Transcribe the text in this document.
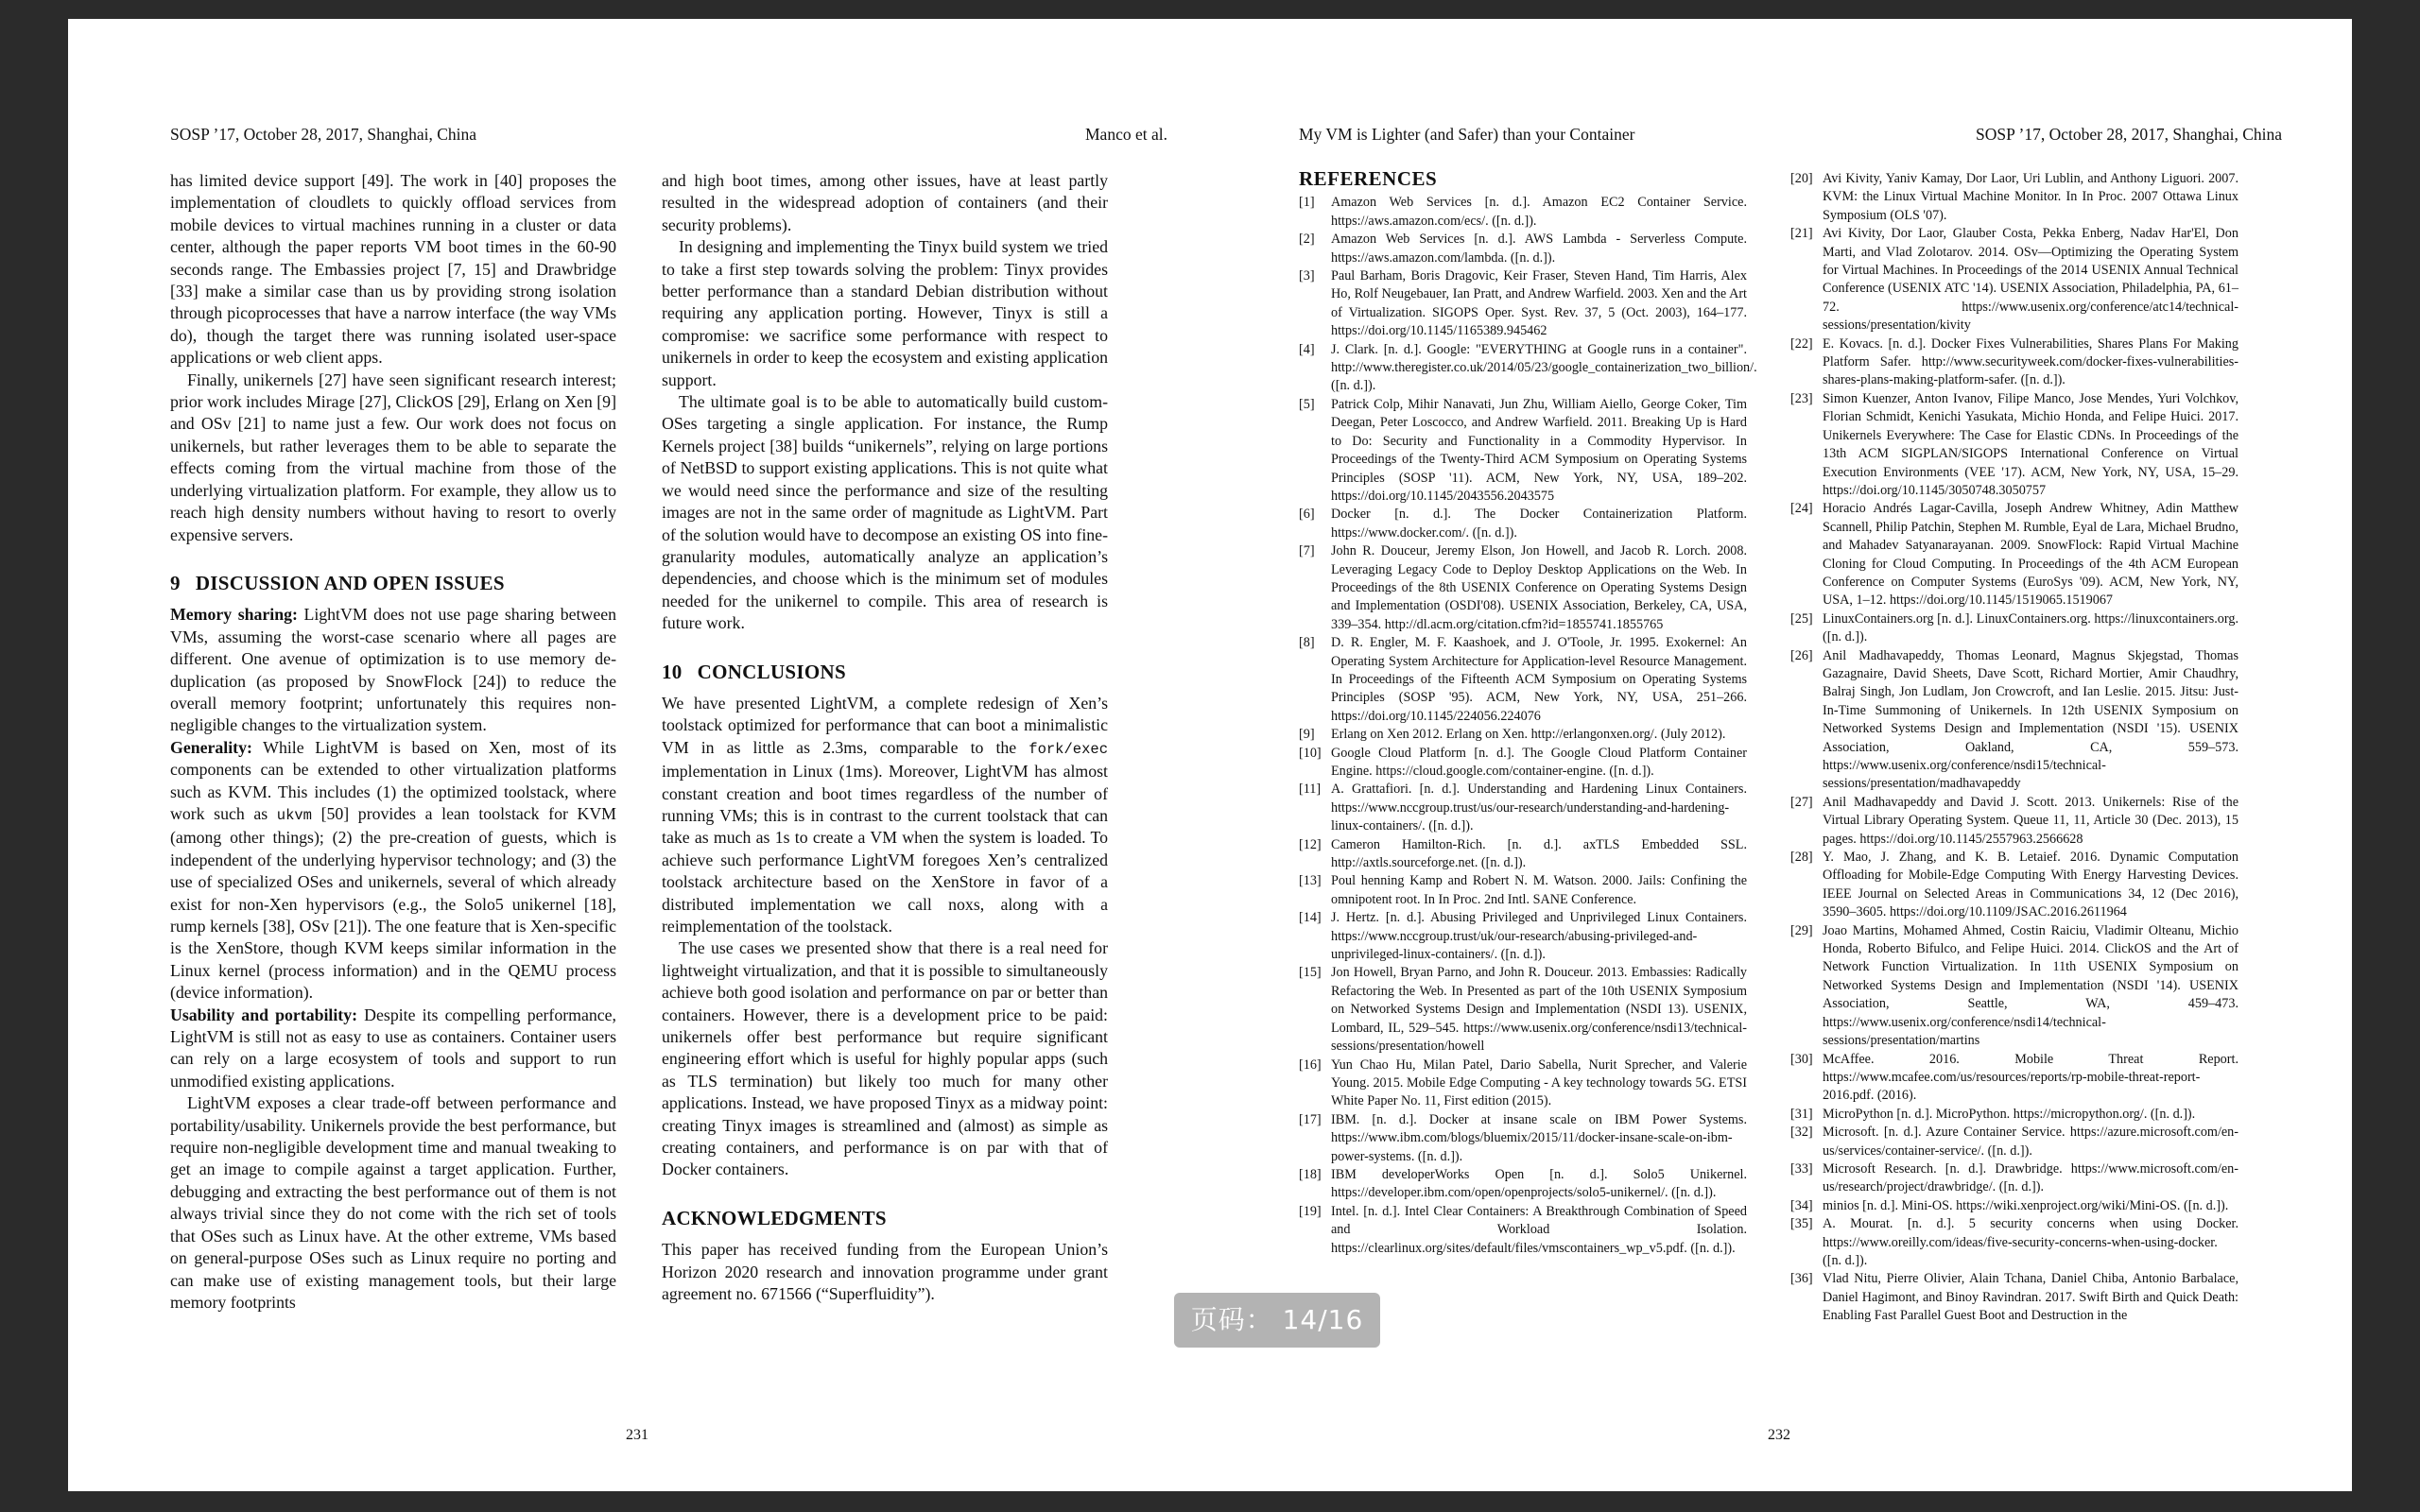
SOSP ’17, October 28, 2017, Shanghai, China	Manco et al.

has limited device support [49]. The work in [40] proposes the implementation of cloudlets to quickly offload services from mobile devices to virtual machines running in a cluster or data center, although the paper reports VM boot times in the 60-90 seconds range. The Embassies project [7, 15] and Drawbridge [33] make a similar case than us by providing strong isolation through picoprocesses that have a narrow interface (the way VMs do), though the target there was running isolated user-space applications or web client apps.

Finally, unikernels [27] have seen significant research interest; prior work includes Mirage [27], ClickOS [29], Erlang on Xen [9] and OSv [21] to name just a few. Our work does not focus on unikernels, but rather leverages them to be able to separate the effects coming from the virtual machine from those of the underlying virtualization platform. For example, they allow us to reach high density numbers without having to resort to overly expensive servers.

9 DISCUSSION AND OPEN ISSUES

Memory sharing: LightVM does not use page sharing between VMs, assuming the worst-case scenario where all pages are different. One avenue of optimization is to use memory de-duplication (as proposed by SnowFlock [24]) to reduce the overall memory footprint; unfortunately this requires non-negligible changes to the virtualization system.

Generality: While LightVM is based on Xen, most of its components can be extended to other virtualization platforms such as KVM. This includes (1) the optimized toolstack, where work such as ukvm [50] provides a lean toolstack for KVM (among other things); (2) the pre-creation of guests, which is independent of the underlying hypervisor technology; and (3) the use of specialized OSes and unikernels, several of which already exist for non-Xen hypervisors (e.g., the Solo5 unikernel [18], rump kernels [38], OSv [21]). The one feature that is Xen-specific is the XenStore, though KVM keeps similar information in the Linux kernel (process information) and in the QEMU process (device information).

Usability and portability: Despite its compelling performance, LightVM is still not as easy to use as containers. Container users can rely on a large ecosystem of tools and support to run unmodified existing applications.

LightVM exposes a clear trade-off between performance and portability/usability. Unikernels provide the best performance, but require non-negligible development time and manual tweaking to get an image to compile against a target application. Further, debugging and extracting the best performance out of them is not always trivial since they do not come with the rich set of tools that OSes such as Linux have. At the other extreme, VMs based on general-purpose OSes such as Linux require no porting and can make use of existing management tools, but their large memory footprints

and high boot times, among other issues, have at least partly resulted in the widespread adoption of containers (and their security problems).

In designing and implementing the Tinyx build system we tried to take a first step towards solving the problem: Tinyx provides better performance than a standard Debian distribution without requiring any application porting. However, Tinyx is still a compromise: we sacrifice some performance with respect to unikernels in order to keep the ecosystem and existing application support.

The ultimate goal is to be able to automatically build custom-OSes targeting a single application. For instance, the Rump Kernels project [38] builds “unikernels”, relying on large portions of NetBSD to support existing applications. This is not quite what we would need since the performance and size of the resulting images are not in the same order of magnitude as LightVM. Part of the solution would have to decompose an existing OS into fine-granularity modules, automatically analyze an application’s dependencies, and choose which is the minimum set of modules needed for the unikernel to compile. This area of research is future work.

10 CONCLUSIONS

We have presented LightVM, a complete redesign of Xen’s toolstack optimized for performance that can boot a minimalistic VM in as little as 2.3ms, comparable to the fork/exec implementation in Linux (1ms). Moreover, LightVM has almost constant creation and boot times regardless of the number of running VMs; this is in contrast to the current toolstack that can take as much as 1s to create a VM when the system is loaded. To achieve such performance LightVM foregoes Xen’s centralized toolstack architecture based on the XenStore in favor of a distributed implementation we call noxs, along with a reimplementation of the toolstack.

The use cases we presented show that there is a real need for lightweight virtualization, and that it is possible to simultaneously achieve both good isolation and performance on par or better than containers. However, there is a development price to be paid: unikernels offer best performance but require significant engineering effort which is useful for highly popular apps (such as TLS termination) but likely too much for many other applications. Instead, we have proposed Tinyx as a midway point: creating Tinyx images is streamlined and (almost) as simple as creating containers, and performance is on par with that of Docker containers.

ACKNOWLEDGMENTS

This paper has received funding from the European Union’s Horizon 2020 research and innovation programme under grant agreement no. 671566 (“Superfluidity”).

231
My VM is Lighter (and Safer) than your Container	SOSP ’17, October 28, 2017, Shanghai, China
REFERENCES
[1] Amazon Web Services [n. d.]. Amazon EC2 Container Service. https://aws.amazon.com/ecs/. ([n. d.]).
[2] Amazon Web Services [n. d.]. AWS Lambda - Serverless Compute. https://aws.amazon.com/lambda. ([n. d.]).
[3] Paul Barham, Boris Dragovic, Keir Fraser, Steven Hand, Tim Harris, Alex Ho, Rolf Neugebauer, Ian Pratt, and Andrew Warfield. 2003. Xen and the Art of Virtualization. SIGOPS Oper. Syst. Rev. 37, 5 (Oct. 2003), 164–177. https://doi.org/10.1145/1165389.945462
[4] J. Clark. [n. d.]. Google: "EVERYTHING at Google runs in a container". http://www.theregister.co.uk/2014/05/23/google_containerization_two_billion/. ([n. d.]).
[5] Patrick Colp, Mihir Nanavati, Jun Zhu, William Aiello, George Coker, Tim Deegan, Peter Loscocco, and Andrew Warfield. 2011. Breaking Up is Hard to Do: Security and Functionality in a Commodity Hypervisor. In Proceedings of the Twenty-Third ACM Symposium on Operating Systems Principles (SOSP '11). ACM, New York, NY, USA, 189–202. https://doi.org/10.1145/2043556.2043575
[6] Docker [n. d.]. The Docker Containerization Platform. https://www.docker.com/. ([n. d.]).
[7] John R. Douceur, Jeremy Elson, Jon Howell, and Jacob R. Lorch. 2008. Leveraging Legacy Code to Deploy Desktop Applications on the Web. In Proceedings of the 8th USENIX Conference on Operating Systems Design and Implementation (OSDI'08). USENIX Association, Berkeley, CA, USA, 339–354. http://dl.acm.org/citation.cfm?id=1855741.1855765
[8] D. R. Engler, M. F. Kaashoek, and J. O'Toole, Jr. 1995. Exokernel: An Operating System Architecture for Application-level Resource Management. In Proceedings of the Fifteenth ACM Symposium on Operating Systems Principles (SOSP '95). ACM, New York, NY, USA, 251–266. https://doi.org/10.1145/224056.224076
[9] Erlang on Xen 2012. Erlang on Xen. http://erlangonxen.org/. (July 2012).
[10] Google Cloud Platform [n. d.]. The Google Cloud Platform Container Engine. https://cloud.google.com/container-engine. ([n. d.]).
[11] A. Grattafiori. [n. d.]. Understanding and Hardening Linux Containers. https://www.nccgroup.trust/us/our-research/understanding-and-hardening-linux-containers/. ([n. d.]).
[12] Cameron Hamilton-Rich. [n. d.]. axTLS Embedded SSL. http://axtls.sourceforge.net. ([n. d.]).
[13] Poul henning Kamp and Robert N. M. Watson. 2000. Jails: Confining the omnipotent root. In In Proc. 2nd Intl. SANE Conference.
[14] J. Hertz. [n. d.]. Abusing Privileged and Unprivileged Linux Containers. https://www.nccgroup.trust/uk/our-research/abusing-privileged-and-unprivileged-linux-containers/. ([n. d.]).
[15] Jon Howell, Bryan Parno, and John R. Douceur. 2013. Embassies: Radically Refactoring the Web. In Presented as part of the 10th USENIX Symposium on Networked Systems Design and Implementation (NSDI 13). USENIX, Lombard, IL, 529–545. https://www.usenix.org/conference/nsdi13/technical-sessions/presentation/howell
[16] Yun Chao Hu, Milan Patel, Dario Sabella, Nurit Sprecher, and Valerie Young. 2015. Mobile Edge Computing - A key technology towards 5G. ETSI White Paper No. 11, First edition (2015).
[17] IBM. [n. d.]. Docker at insane scale on IBM Power Systems. https://www.ibm.com/blogs/bluemix/2015/11/docker-insane-scale-on-ibm-power-systems. ([n. d.]).
[18] IBM developerWorks Open [n. d.]. Solo5 Unikernel. https://developer.ibm.com/open/openprojects/solo5-unikernel/. ([n. d.]).
[19] Intel. [n. d.]. Intel Clear Containers: A Breakthrough Combination of Speed and Workload Isolation. https://clearlinux.org/sites/default/files/vmscontainers_wp_v5.pdf. ([n. d.]).
[20] Avi Kivity, Yaniv Kamay, Dor Laor, Uri Lublin, and Anthony Liguori. 2007. KVM: the Linux Virtual Machine Monitor. In In Proc. 2007 Ottawa Linux Symposium (OLS '07).
[21] Avi Kivity, Dor Laor, Glauber Costa, Pekka Enberg, Nadav Har'El, Don Marti, and Vlad Zolotarov. 2014. OSv—Optimizing the Operating System for Virtual Machines. In Proceedings of the 2014 USENIX Annual Technical Conference (USENIX ATC '14). USENIX Association, Philadelphia, PA, 61–72. https://www.usenix.org/conference/atc14/technical-sessions/presentation/kivity
[22] E. Kovacs. [n. d.]. Docker Fixes Vulnerabilities, Shares Plans For Making Platform Safer. http://www.securityweek.com/docker-fixes-vulnerabilities-shares-plans-making-platform-safer. ([n. d.]).
[23] Simon Kuenzer, Anton Ivanov, Filipe Manco, Jose Mendes, Yuri Volchkov, Florian Schmidt, Kenichi Yasukata, Michio Honda, and Felipe Huici. 2017. Unikernels Everywhere: The Case for Elastic CDNs. In Proceedings of the 13th ACM SIGPLAN/SIGOPS International Conference on Virtual Execution Environments (VEE '17). ACM, New York, NY, USA, 15–29. https://doi.org/10.1145/3050748.3050757
[24] Horacio Andrés Lagar-Cavilla, Joseph Andrew Whitney, Adin Matthew Scannell, Philip Patchin, Stephen M. Rumble, Eyal de Lara, Michael Brudno, and Mahadev Satyanarayanan. 2009. SnowFlock: Rapid Virtual Machine Cloning for Cloud Computing. In Proceedings of the 4th ACM European Conference on Computer Systems (EuroSys '09). ACM, New York, NY, USA, 1–12. https://doi.org/10.1145/1519065.1519067
[25] LinuxContainers.org [n. d.]. LinuxContainers.org. https://linuxcontainers.org. ([n. d.]).
[26] Anil Madhavapeddy, Thomas Leonard, Magnus Skjegstad, Thomas Gazagnaire, David Sheets, Dave Scott, Richard Mortier, Amir Chaudhry, Balraj Singh, Jon Ludlam, Jon Crowcroft, and Ian Leslie. 2015. Jitsu: Just-In-Time Summoning of Unikernels. In 12th USENIX Symposium on Networked Systems Design and Implementation (NSDI '15). USENIX Association, Oakland, CA, 559–573. https://www.usenix.org/conference/nsdi15/technical-sessions/presentation/madhavapeddy
[27] Anil Madhavapeddy and David J. Scott. 2013. Unikernels: Rise of the Virtual Library Operating System. Queue 11, 11, Article 30 (Dec. 2013), 15 pages. https://doi.org/10.1145/2557963.2566628
[28] Y. Mao, J. Zhang, and K. B. Letaief. 2016. Dynamic Computation Offloading for Mobile-Edge Computing With Energy Harvesting Devices. IEEE Journal on Selected Areas in Communications 34, 12 (Dec 2016), 3590–3605. https://doi.org/10.1109/JSAC.2016.2611964
[29] Joao Martins, Mohamed Ahmed, Costin Raiciu, Vladimir Olteanu, Michio Honda, Roberto Bifulco, and Felipe Huici. 2014. ClickOS and the Art of Network Function Virtualization. In 11th USENIX Symposium on Networked Systems Design and Implementation (NSDI '14). USENIX Association, Seattle, WA, 459–473. https://www.usenix.org/conference/nsdi14/technical-sessions/presentation/martins
[30] McAffee. 2016. Mobile Threat Report. https://www.mcafee.com/us/resources/reports/rp-mobile-threat-report-2016.pdf. (2016).
[31] MicroPython [n. d.]. MicroPython. https://micropython.org/. ([n. d.]).
[32] Microsoft. [n. d.]. Azure Container Service. https://azure.microsoft.com/en-us/services/container-service/. ([n. d.]).
[33] Microsoft Research. [n. d.]. Drawbridge. https://www.microsoft.com/en-us/research/project/drawbridge/. ([n. d.]).
[34] minios [n. d.]. Mini-OS. https://wiki.xenproject.org/wiki/Mini-OS. ([n. d.]).
[35] A. Mourat. [n. d.]. 5 security concerns when using Docker. https://www.oreilly.com/ideas/five-security-concerns-when-using-docker. ([n. d.]).
[36] Vlad Nitu, Pierre Olivier, Alain Tchana, Daniel Chiba, Antonio Barbalace, Daniel Hagimont, and Binoy Ravindran. 2017. Swift Birth and Quick Death: Enabling Fast Parallel Guest Boot and Destruction in the
232
页码： 14/16
